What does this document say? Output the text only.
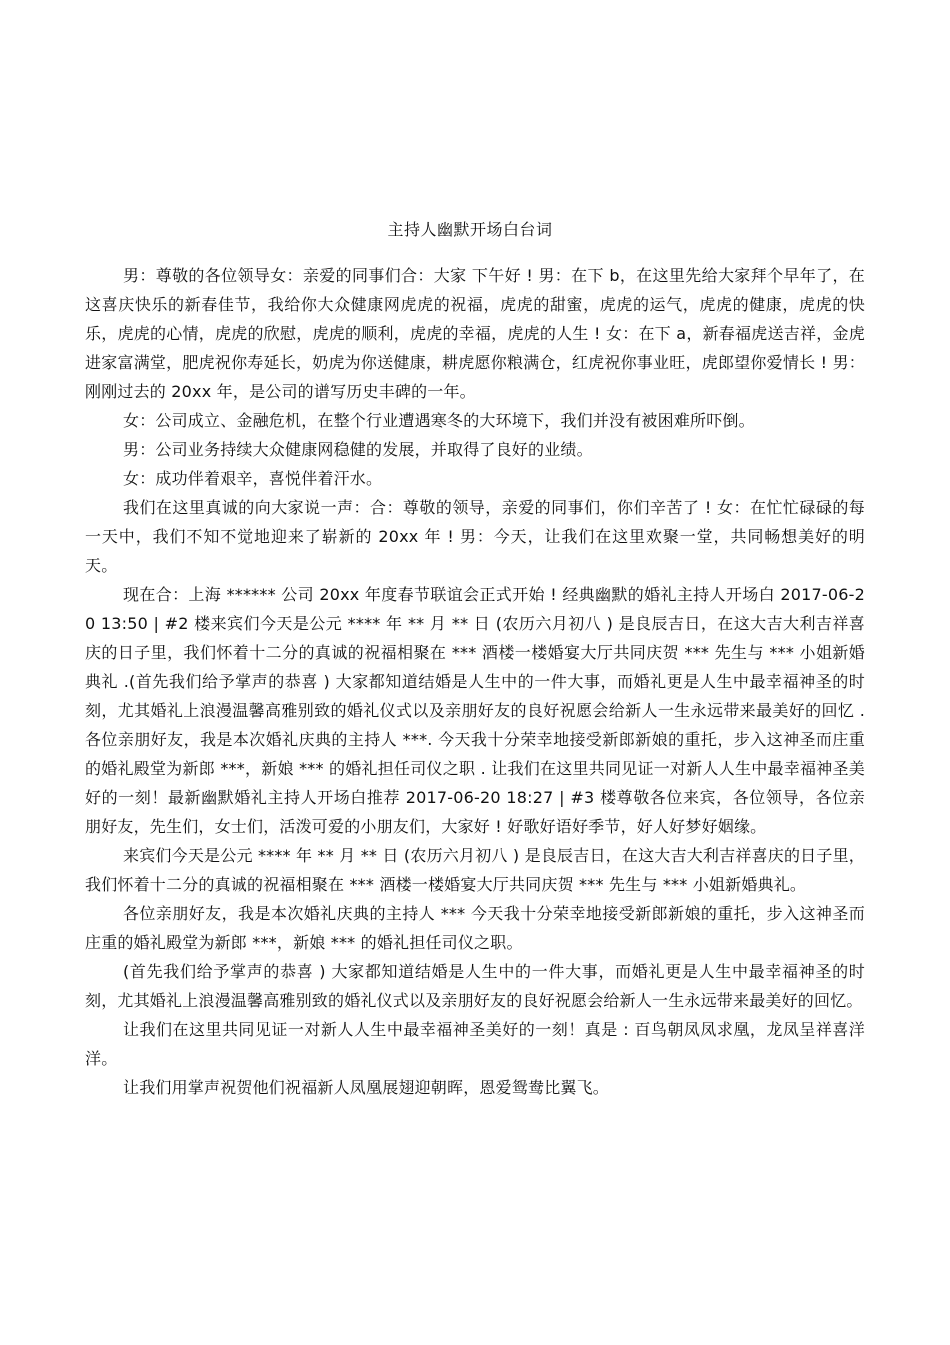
主持人幽默开场白台词

男：尊敬的各位领导女：亲爱的同事们合：大家 下午好 ! 男：在下 b，在这里先给大家拜个早年了，在这喜庆快乐的新春佳节，我给你大众健康网虎虎的祝福，虎虎的甜蜜，虎虎的运气，虎虎的健康，虎虎的快乐，虎虎的心情，虎虎的欣慰，虎虎的顺利，虎虎的幸福，虎虎的人生 ! 女：在下 a，新春福虎送吉祥，金虎进家富满堂，肥虎祝你寿延长，奶虎为你送健康，耕虎愿你粮满仓，红虎祝你事业旺，虎郎望你爱情长 ! 男：刚刚过去的 20xx 年，是公司的谱写历史丰碑的一年。

女：公司成立、金融危机，在整个行业遭遇寒冬的大环境下，我们并没有被困难所吓倒。

男：公司业务持续大众健康网稳健的发展，并取得了良好的业绩。

女：成功伴着艰辛，喜悦伴着汗水。

我们在这里真诚的向大家说一声：合：尊敬的领导，亲爱的同事们，你们辛苦了 ! 女：在忙忙碌碌的每一天中，我们不知不觉地迎来了崭新的 20xx 年 ! 男：今天，让我们在这里欢聚一堂，共同畅想美好的明天。

现在合：上海 ****** 公司 20xx 年度春节联谊会正式开始 ! 经典幽默的婚礼主持人开场白 2017-06-20 13:50 | #2 楼来宾们今天是公元 **** 年 ** 月 ** 日 (农历六月初八 ) 是良辰吉日，在这大吉大利吉祥喜庆的日子里，我们怀着十二分的真诚的祝福相聚在 *** 酒楼一楼婚宴大厅共同庆贺 *** 先生与 *** 小姐新婚典礼 .(首先我们给予掌声的恭喜 ) 大家都知道结婚是人生中的一件大事，而婚礼更是人生中最幸福神圣的时刻，尤其婚礼上浪漫温馨高雅别致的婚礼仪式以及亲朋好友的良好祝愿会给新人一生永远带来最美好的回忆 . 各位亲朋好友，我是本次婚礼庆典的主持人 ***. 今天我十分荣幸地接受新郎新娘的重托，步入这神圣而庄重的婚礼殿堂为新郎 ***，新娘 *** 的婚礼担任司仪之职 . 让我们在这里共同见证一对新人人生中最幸福神圣美好的一刻！最新幽默婚礼主持人开场白推荐 2017-06-20 18:27 | #3 楼尊敬各位来宾，各位领导，各位亲朋好友，先生们，女士们，活泼可爱的小朋友们，大家好 ! 好歌好语好季节，好人好梦好姻缘。

来宾们今天是公元 **** 年 ** 月 ** 日 (农历六月初八 ) 是良辰吉日，在这大吉大利吉祥喜庆的日子里，我们怀着十二分的真诚的祝福相聚在 *** 酒楼一楼婚宴大厅共同庆贺 *** 先生与 *** 小姐新婚典礼。

各位亲朋好友，我是本次婚礼庆典的主持人 *** 今天我十分荣幸地接受新郎新娘的重托，步入这神圣而庄重的婚礼殿堂为新郎 ***，新娘 *** 的婚礼担任司仪之职。

(首先我们给予掌声的恭喜 ) 大家都知道结婚是人生中的一件大事，而婚礼更是人生中最幸福神圣的时刻，尤其婚礼上浪漫温馨高雅别致的婚礼仪式以及亲朋好友的良好祝愿会给新人一生永远带来最美好的回忆。

让我们在这里共同见证一对新人人生中最幸福神圣美好的一刻！真是 : 百鸟朝凤凤求凰，龙凤呈祥喜洋洋。

让我们用掌声祝贺他们祝福新人凤凰展翅迎朝晖，恩爱鸳鸯比翼飞。
